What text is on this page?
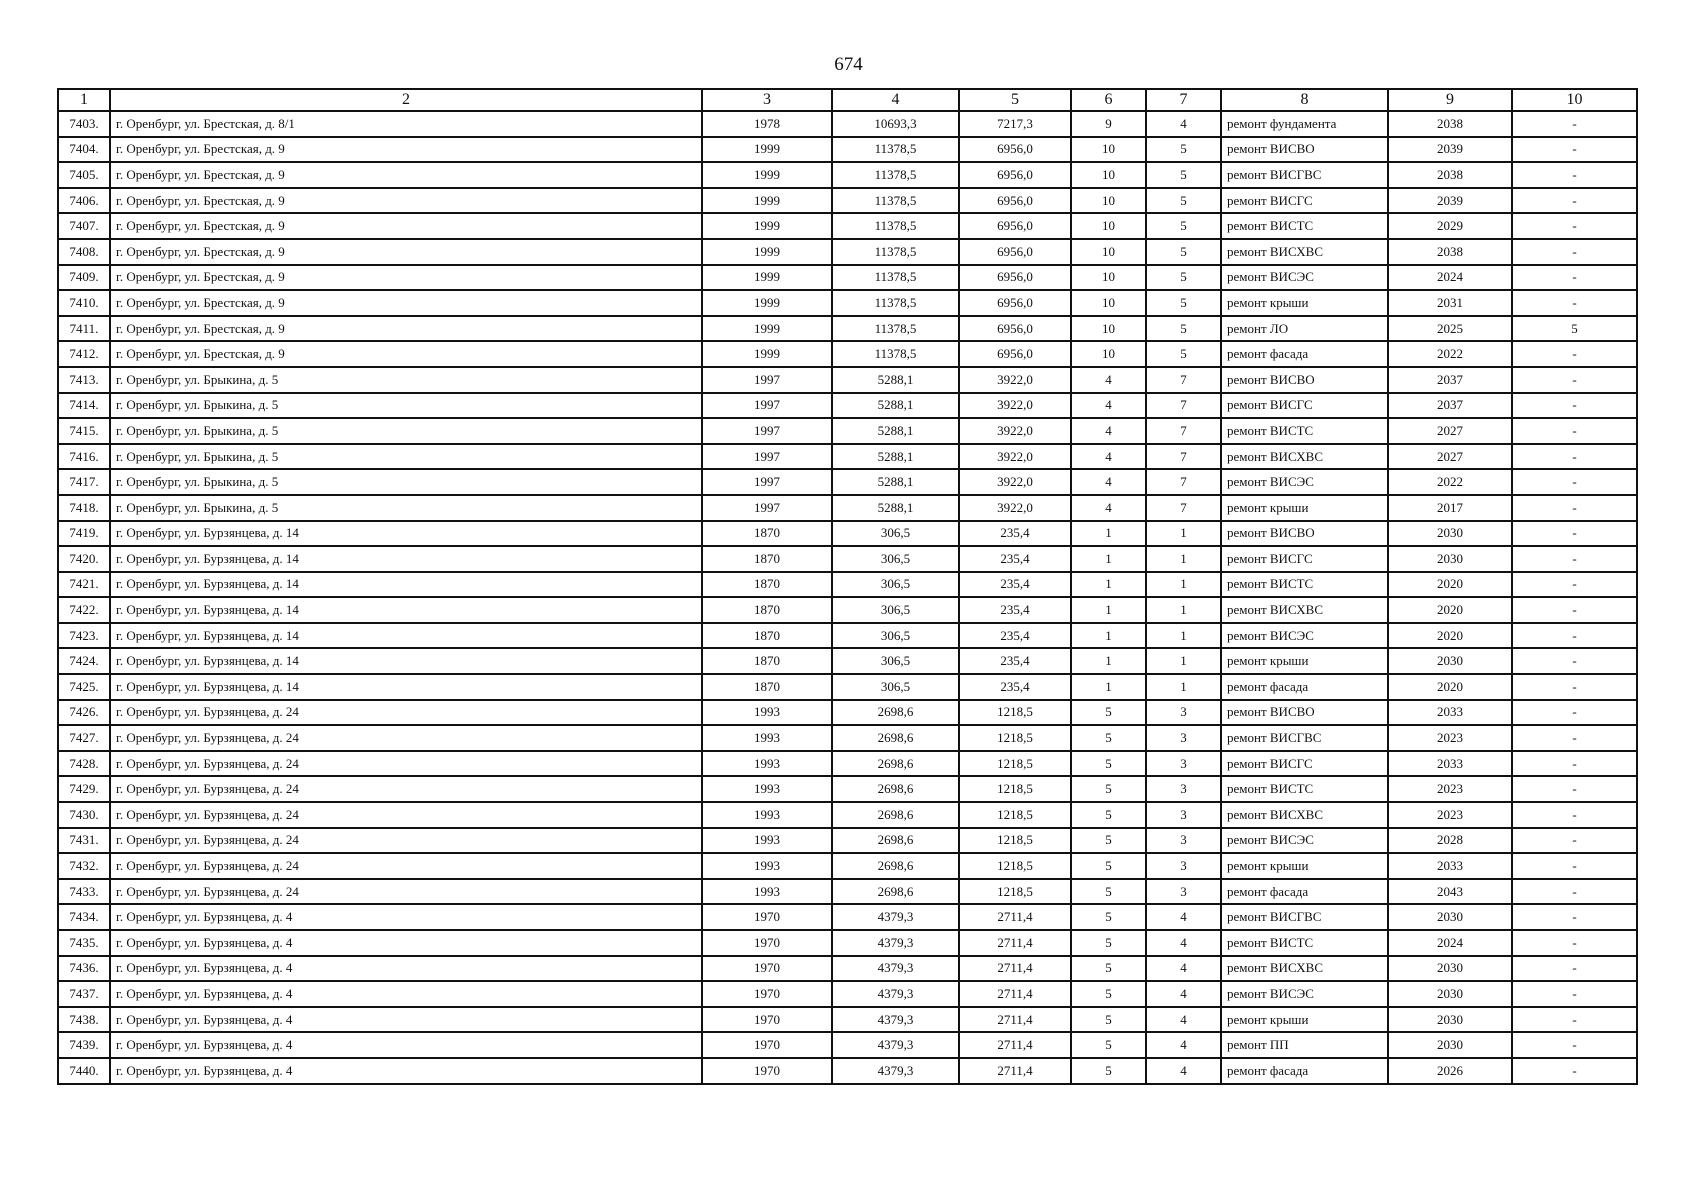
674
1	2	3	4	5	6	7	8	9	10
7403.	г. Оренбург, ул. Брестская, д. 8/1	1978	10693,3	7217,3	9	4	ремонт фундамента	2038	-
7404.	г. Оренбург, ул. Брестская, д. 9	1999	11378,5	6956,0	10	5	ремонт ВИСВО	2039	-
7405.	г. Оренбург, ул. Брестская, д. 9	1999	11378,5	6956,0	10	5	ремонт ВИСГВС	2038	-
7406.	г. Оренбург, ул. Брестская, д. 9	1999	11378,5	6956,0	10	5	ремонт ВИСГС	2039	-
7407.	г. Оренбург, ул. Брестская, д. 9	1999	11378,5	6956,0	10	5	ремонт ВИСТС	2029	-
7408.	г. Оренбург, ул. Брестская, д. 9	1999	11378,5	6956,0	10	5	ремонт ВИСХВС	2038	-
7409.	г. Оренбург, ул. Брестская, д. 9	1999	11378,5	6956,0	10	5	ремонт ВИСЭС	2024	-
7410.	г. Оренбург, ул. Брестская, д. 9	1999	11378,5	6956,0	10	5	ремонт крыши	2031	-
7411.	г. Оренбург, ул. Брестская, д. 9	1999	11378,5	6956,0	10	5	ремонт ЛО	2025	5
7412.	г. Оренбург, ул. Брестская, д. 9	1999	11378,5	6956,0	10	5	ремонт фасада	2022	-
7413.	г. Оренбург, ул. Брыкина, д. 5	1997	5288,1	3922,0	4	7	ремонт ВИСВО	2037	-
7414.	г. Оренбург, ул. Брыкина, д. 5	1997	5288,1	3922,0	4	7	ремонт ВИСГС	2037	-
7415.	г. Оренбург, ул. Брыкина, д. 5	1997	5288,1	3922,0	4	7	ремонт ВИСТС	2027	-
7416.	г. Оренбург, ул. Брыкина, д. 5	1997	5288,1	3922,0	4	7	ремонт ВИСХВС	2027	-
7417.	г. Оренбург, ул. Брыкина, д. 5	1997	5288,1	3922,0	4	7	ремонт ВИСЭС	2022	-
7418.	г. Оренбург, ул. Брыкина, д. 5	1997	5288,1	3922,0	4	7	ремонт крыши	2017	-
7419.	г. Оренбург, ул. Бурзянцева, д. 14	1870	306,5	235,4	1	1	ремонт ВИСВО	2030	-
7420.	г. Оренбург, ул. Бурзянцева, д. 14	1870	306,5	235,4	1	1	ремонт ВИСГС	2030	-
7421.	г. Оренбург, ул. Бурзянцева, д. 14	1870	306,5	235,4	1	1	ремонт ВИСТС	2020	-
7422.	г. Оренбург, ул. Бурзянцева, д. 14	1870	306,5	235,4	1	1	ремонт ВИСХВС	2020	-
7423.	г. Оренбург, ул. Бурзянцева, д. 14	1870	306,5	235,4	1	1	ремонт ВИСЭС	2020	-
7424.	г. Оренбург, ул. Бурзянцева, д. 14	1870	306,5	235,4	1	1	ремонт крыши	2030	-
7425.	г. Оренбург, ул. Бурзянцева, д. 14	1870	306,5	235,4	1	1	ремонт фасада	2020	-
7426.	г. Оренбург, ул. Бурзянцева, д. 24	1993	2698,6	1218,5	5	3	ремонт ВИСВО	2033	-
7427.	г. Оренбург, ул. Бурзянцева, д. 24	1993	2698,6	1218,5	5	3	ремонт ВИСГВС	2023	-
7428.	г. Оренбург, ул. Бурзянцева, д. 24	1993	2698,6	1218,5	5	3	ремонт ВИСГС	2033	-
7429.	г. Оренбург, ул. Бурзянцева, д. 24	1993	2698,6	1218,5	5	3	ремонт ВИСТС	2023	-
7430.	г. Оренбург, ул. Бурзянцева, д. 24	1993	2698,6	1218,5	5	3	ремонт ВИСХВС	2023	-
7431.	г. Оренбург, ул. Бурзянцева, д. 24	1993	2698,6	1218,5	5	3	ремонт ВИСЭС	2028	-
7432.	г. Оренбург, ул. Бурзянцева, д. 24	1993	2698,6	1218,5	5	3	ремонт крыши	2033	-
7433.	г. Оренбург, ул. Бурзянцева, д. 24	1993	2698,6	1218,5	5	3	ремонт фасада	2043	-
7434.	г. Оренбург, ул. Бурзянцева, д. 4	1970	4379,3	2711,4	5	4	ремонт ВИСГВС	2030	-
7435.	г. Оренбург, ул. Бурзянцева, д. 4	1970	4379,3	2711,4	5	4	ремонт ВИСТС	2024	-
7436.	г. Оренбург, ул. Бурзянцева, д. 4	1970	4379,3	2711,4	5	4	ремонт ВИСХВС	2030	-
7437.	г. Оренбург, ул. Бурзянцева, д. 4	1970	4379,3	2711,4	5	4	ремонт ВИСЭС	2030	-
7438.	г. Оренбург, ул. Бурзянцева, д. 4	1970	4379,3	2711,4	5	4	ремонт крыши	2030	-
7439.	г. Оренбург, ул. Бурзянцева, д. 4	1970	4379,3	2711,4	5	4	ремонт ПП	2030	-
7440.	г. Оренбург, ул. Бурзянцева, д. 4	1970	4379,3	2711,4	5	4	ремонт фасада	2026	-
